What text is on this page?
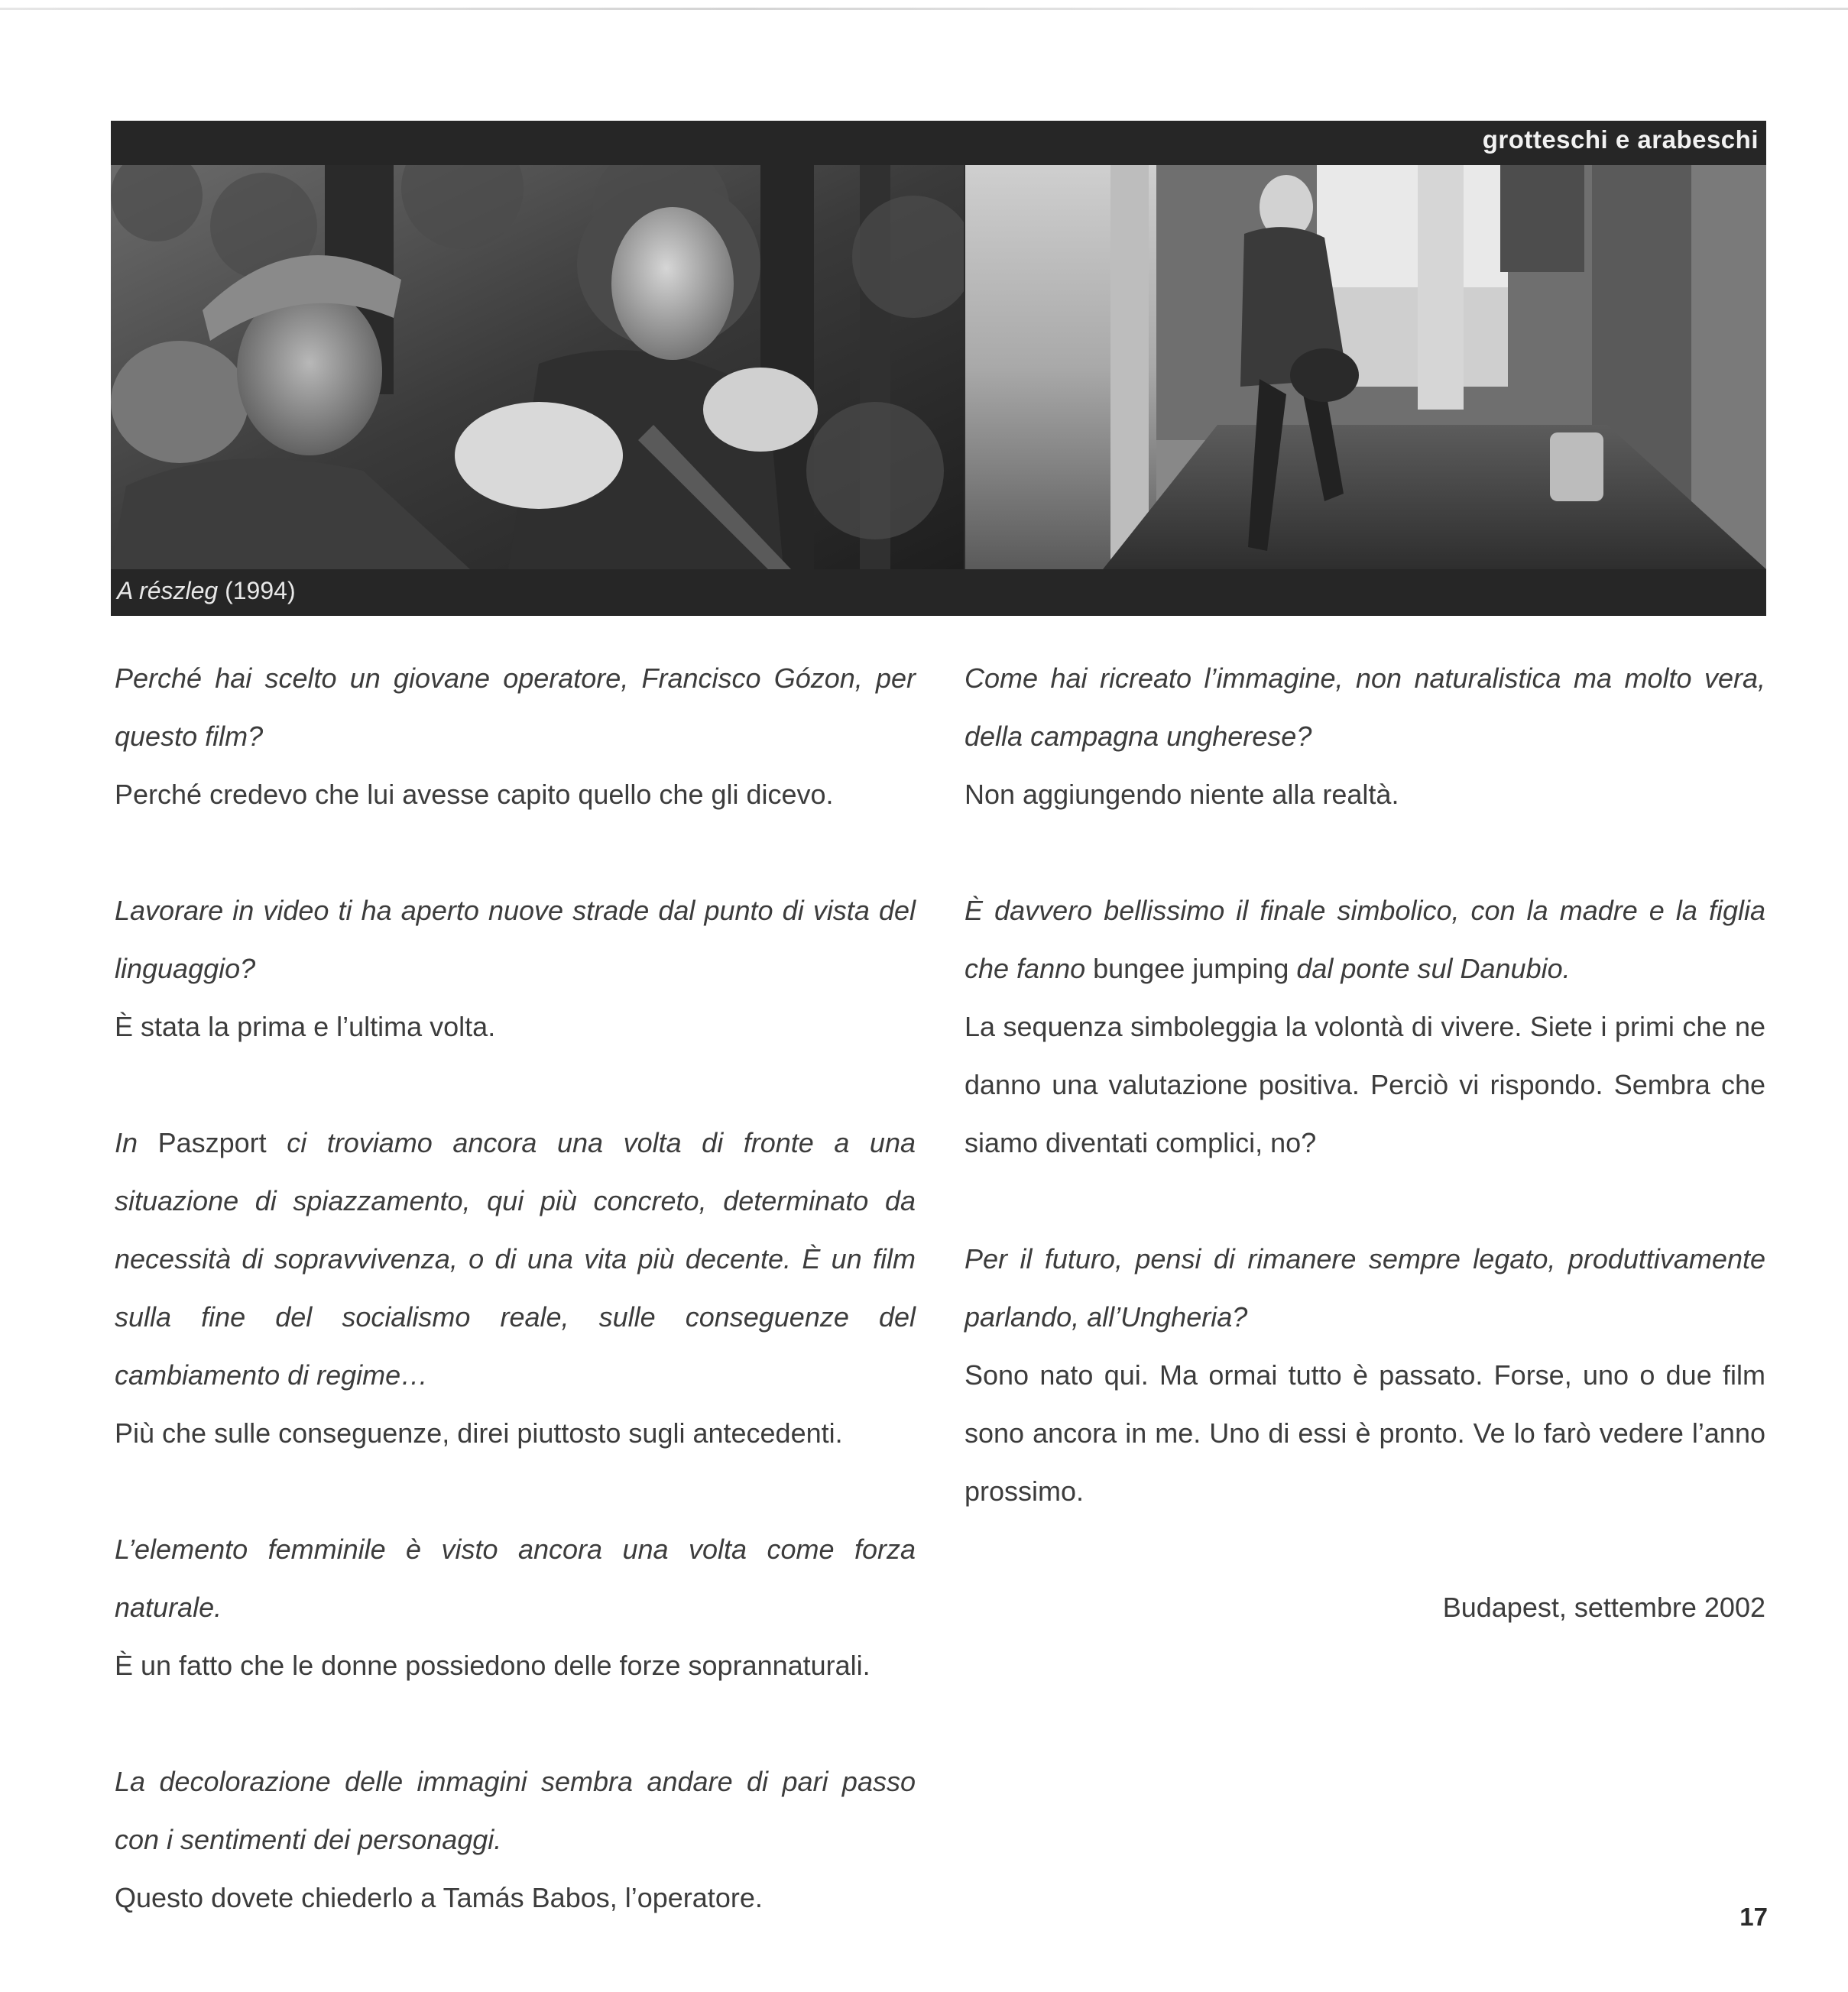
grotteschi e arabeschi
A részleg (1994)

Perché hai scelto un giovane operatore, Francisco Gózon, per questo film?

Perché credevo che lui avesse capito quello che gli dicevo.

Lavorare in video ti ha aperto nuove strade dal punto di vista del linguaggio?

È stata la prima e l’ultima volta.

In Paszport ci troviamo ancora una volta di fronte a una situazione di spiazzamento, qui più concreto, determinato da necessità di sopravvivenza, o di una vita più decente. È un film sulla fine del socialismo reale, sulle conseguenze del cambiamento di regime…

Più che sulle conseguenze, direi piuttosto sugli antecedenti.

L’elemento femminile è visto ancora una volta come forza naturale.

È un fatto che le donne possiedono delle forze soprannaturali.

La decolorazione delle immagini sembra andare di pari passo con i sentimenti dei personaggi.

Questo dovete chiederlo a Tamás Babos, l’operatore.

Come hai ricreato l’immagine, non naturalistica ma molto vera, della campagna ungherese?

Non aggiungendo niente alla realtà.

È davvero bellissimo il finale simbolico, con la madre e la figlia che fanno bungee jumping dal ponte sul Danubio.

La sequenza simboleggia la volontà di vivere. Siete i primi che ne danno una valutazione positiva. Perciò vi rispondo. Sembra che siamo diventati complici, no?

Per il futuro, pensi di rimanere sempre legato, produttivamente parlando, all’Ungheria?

Sono nato qui. Ma ormai tutto è passato. Forse, uno o due film sono ancora in me. Uno di essi è pronto. Ve lo farò vedere l’anno prossimo.

Budapest, settembre 2002

17
